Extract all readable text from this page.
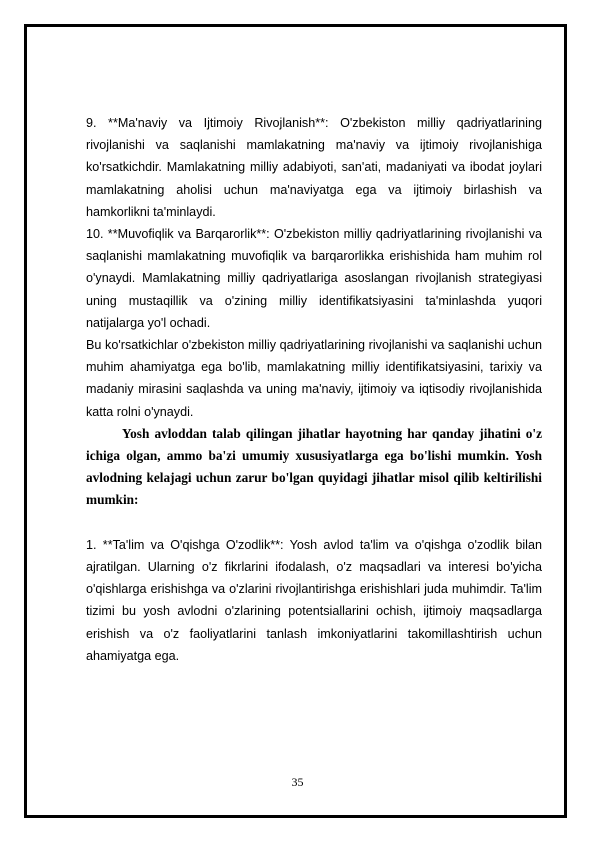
9. **Ma'naviy va Ijtimoiy Rivojlanish**: O'zbekiston milliy qadriyatlarining rivojlanishi va saqlanishi mamlakatning ma'naviy va ijtimoiy rivojlanishiga ko'rsatkichdir. Mamlakatning milliy adabiyoti, san'ati, madaniyati va ibodat joylari mamlakatning aholisi uchun ma'naviyatga ega va ijtimoiy birlashish va hamkorlikni ta'minlaydi.

10. **Muvofiqlik va Barqarorlik**: O'zbekiston milliy qadriyatlarining rivojlanishi va saqlanishi mamlakatning muvofiqlik va barqarorlikka erishishida ham muhim rol o'ynaydi. Mamlakatning milliy qadriyatlariga asoslangan rivojlanish strategiyasi uning mustaqillik va o'zining milliy identifikatsiyasini ta'minlashda yuqori natijalarga yo'l ochadi.

Bu ko'rsatkichlar o'zbekiston milliy qadriyatlarining rivojlanishi va saqlanishi uchun muhim ahamiyatga ega bo'lib, mamlakatning milliy identifikatsiyasini, tarixiy va madaniy mirasini saqlashda va uning ma'naviy, ijtimoiy va iqtisodiy rivojlanishida katta rolni o'ynaydi.

Yosh avloddan talab qilingan jihatlar hayotning har qanday jihatini o'z ichiga olgan, ammo ba'zi umumiy xususiyatlarga ega bo'lishi mumkin. Yosh avlodning kelajagi uchun zarur bo'lgan quyidagi jihatlar misol qilib keltirilishi mumkin:

1. **Ta'lim va O'qishga O'zodlik**: Yosh avlod ta'lim va o'qishga o'zodlik bilan ajratilgan. Ularning o'z fikrlarini ifodalash, o'z maqsadlari va interesi bo'yicha o'qishlarga erishishga va o'zlarini rivojlantirishga erishishlari juda muhimdir. Ta'lim tizimi bu yosh avlodni o'zlarining potentsiallarini ochish, ijtimoiy maqsadlarga erishish va o'z faoliyatlarini tanlash imkoniyatlarini takomillashtirish uchun ahamiyatga ega.

35
